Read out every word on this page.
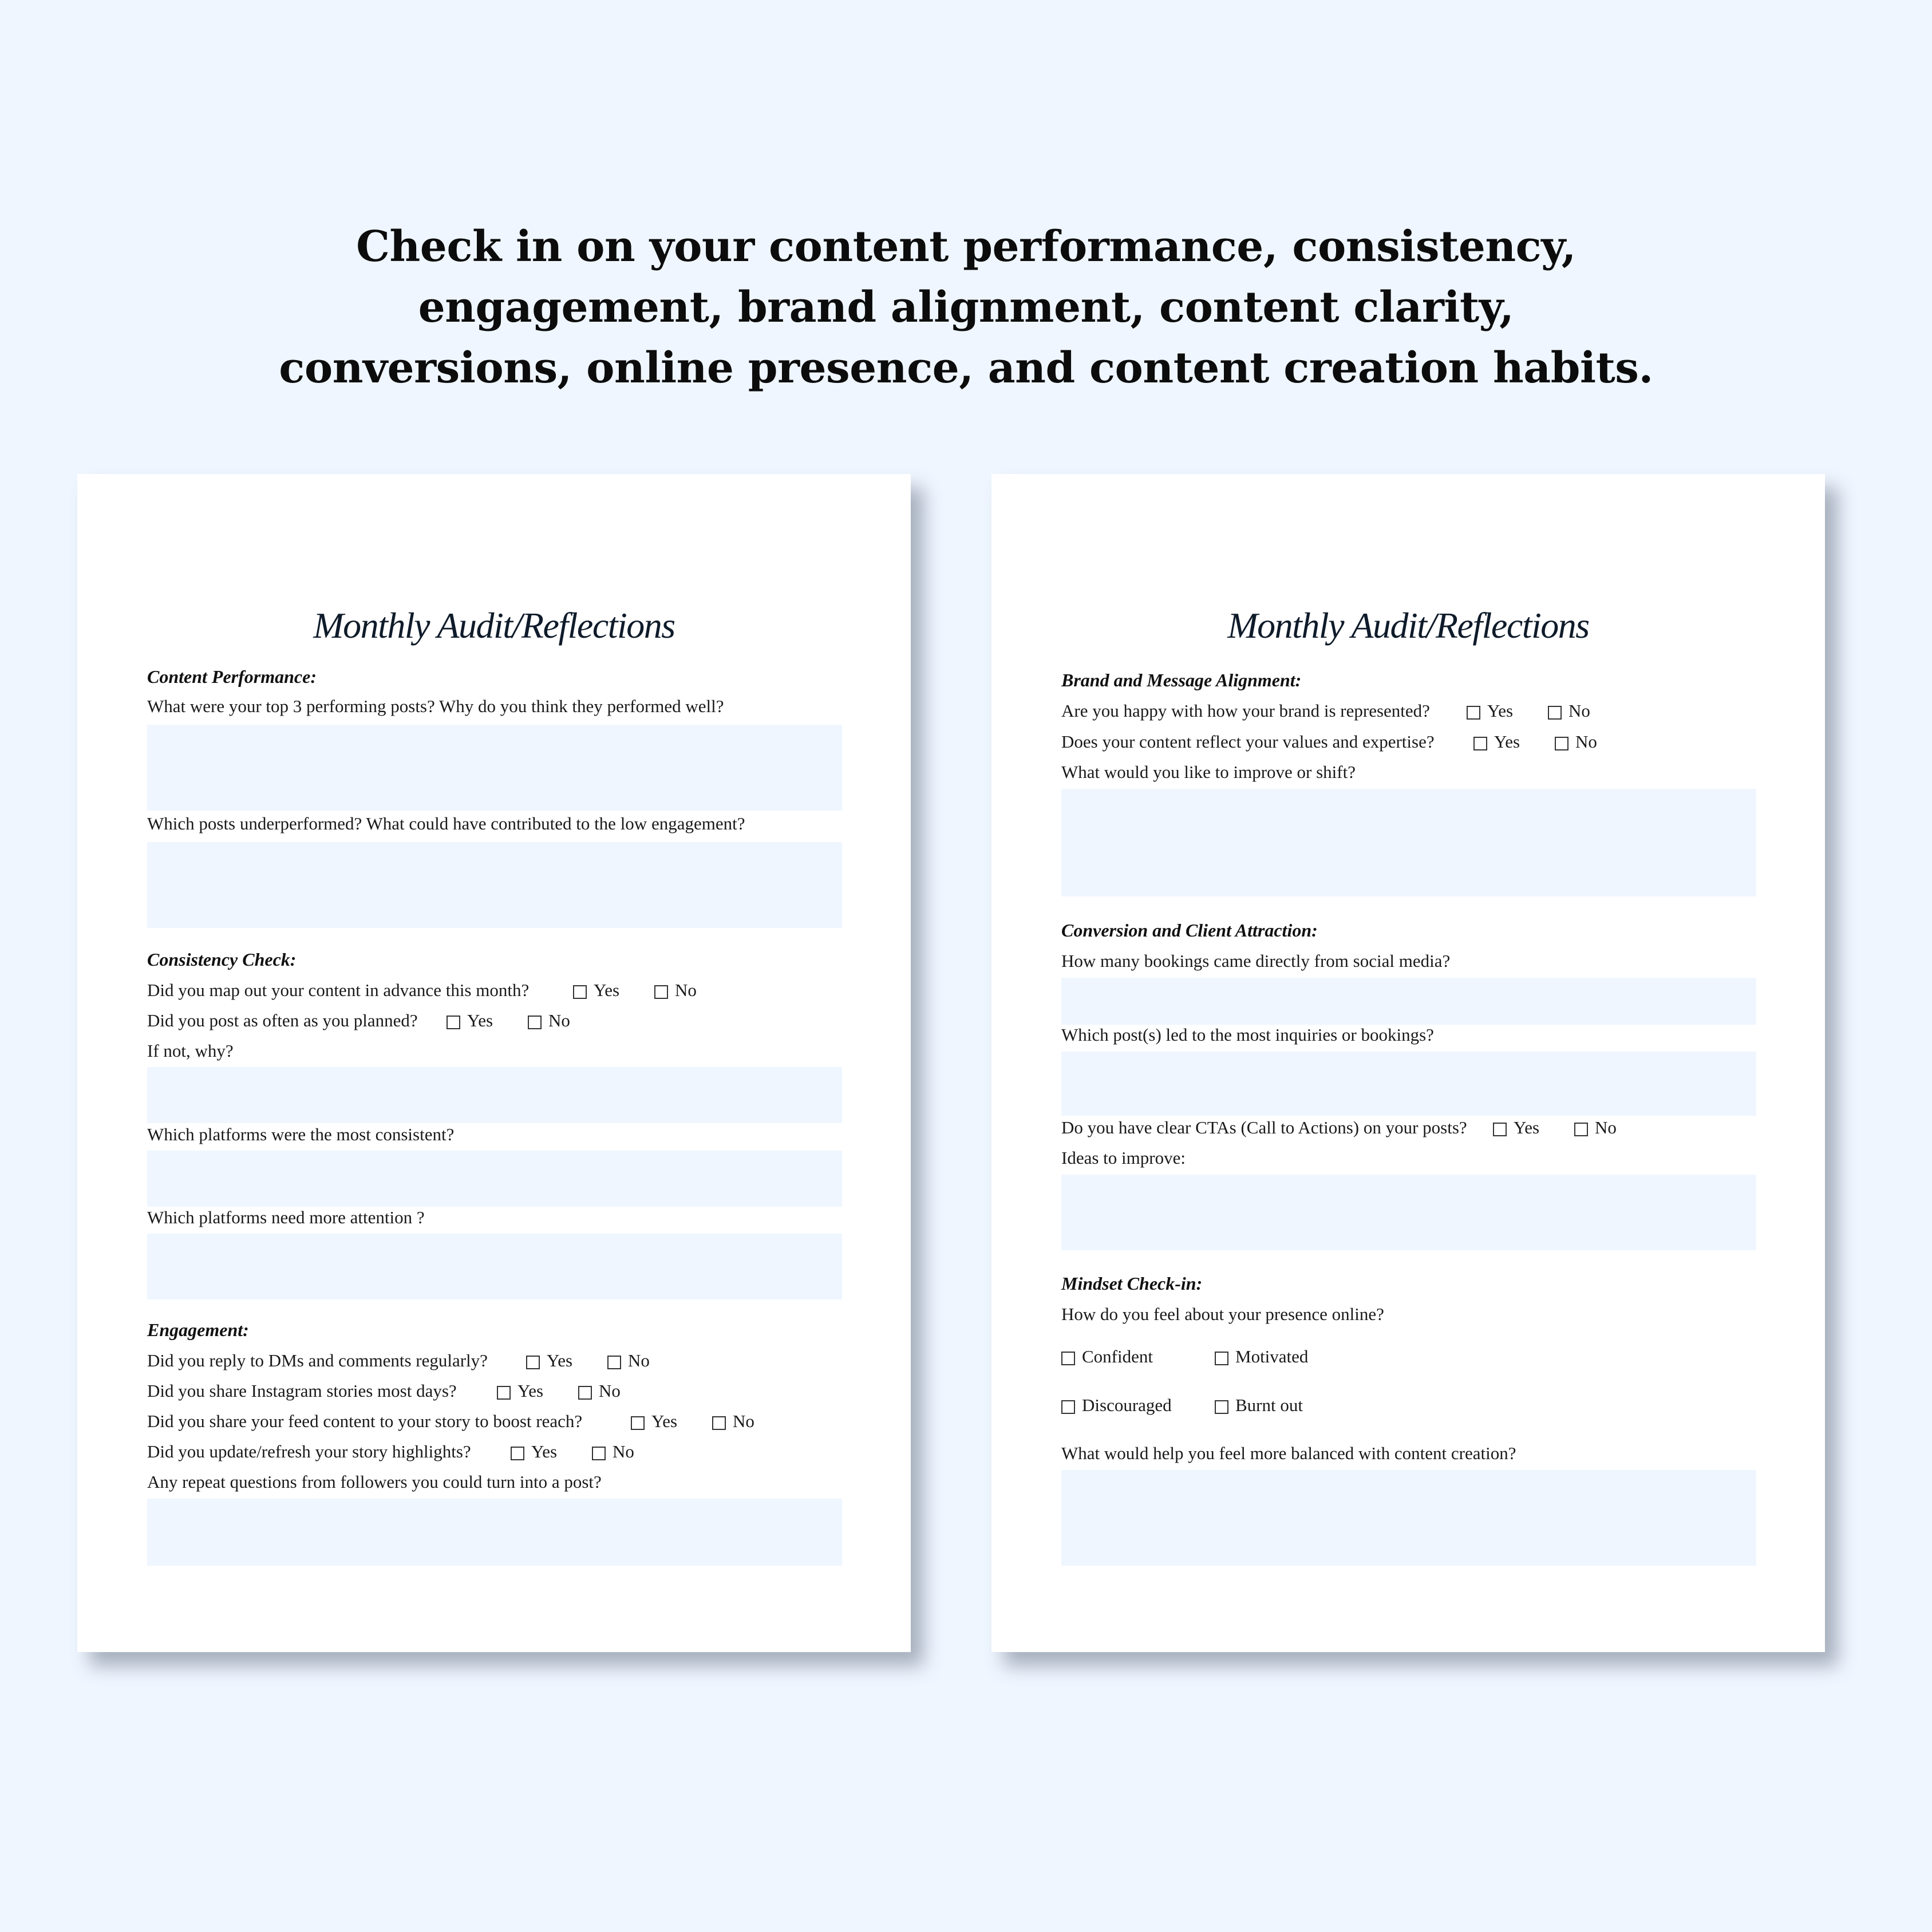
Check in on your content performance, consistency,
engagement, brand alignment, content clarity,
conversions, online presence, and content creation habits.
Monthly Audit/Reflections
Content Performance:
What were your top 3 performing posts? Why do you think they performed well?
Which posts underperformed? What could have contributed to the low engagement?
Consistency Check:
Did you map out your content in advance this month?	Yes	No
Did you post as often as you planned?	Yes	No
If not, why?
Which platforms were the most consistent?
Which platforms need more attention ?
Engagement:
Did you reply to DMs and comments regularly?	Yes	No
Did you share Instagram stories most days?	Yes	No
Did you share your feed content to your story to boost reach?	Yes	No
Did you update/refresh your story highlights?	Yes	No
Any repeat questions from followers you could turn into a post?
Monthly Audit/Reflections
Brand and Message Alignment:
Are you happy with how your brand is represented?	Yes	No
Does your content reflect your values and expertise?	Yes	No
What would you like to improve or shift?
Conversion and Client Attraction:
How many bookings came directly from social media?
Which post(s) led to the most inquiries or bookings?
Do you have clear CTAs (Call to Actions) on your posts?	Yes	No
Ideas to improve:
Mindset Check-in:
How do you feel about your presence online?
Confident	Motivated
Discouraged	Burnt out
What would help you feel more balanced with content creation?
